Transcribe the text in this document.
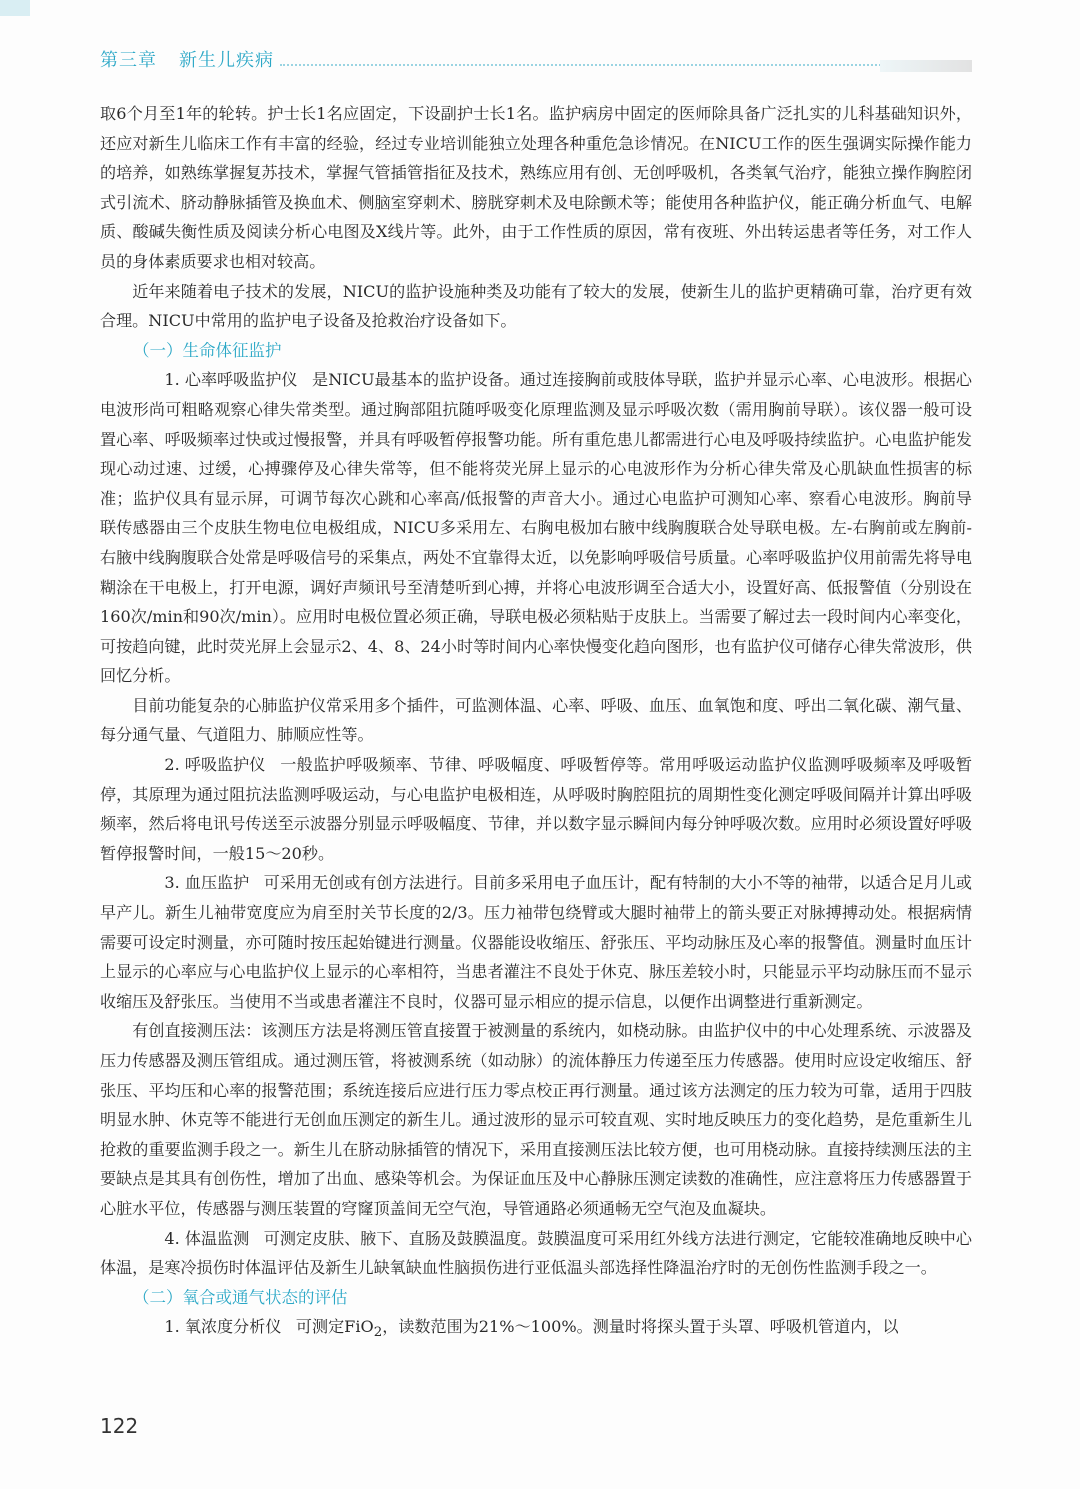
第三章 新生儿疾病

取6个月至1年的轮转。护士长1名应固定，下设副护士长1名。监护病房中固定的医师除具备广泛扎实的儿科基础知识外，还应对新生儿临床工作有丰富的经验，经过专业培训能独立处理各种重危急诊情况。在NICU工作的医生强调实际操作能力的培养，如熟练掌握复苏技术，掌握气管插管指征及技术，熟练应用有创、无创呼吸机，各类氧气治疗，能独立操作胸腔闭式引流术、脐动静脉插管及换血术、侧脑室穿刺术、膀胱穿刺术及电除颤术等；能使用各种监护仪，能正确分析血气、电解质、酸碱失衡性质及阅读分析心电图及X线片等。此外，由于工作性质的原因，常有夜班、外出转运患者等任务，对工作人员的身体素质要求也相对较高。

近年来随着电子技术的发展，NICU的监护设施种类及功能有了较大的发展，使新生儿的监护更精确可靠，治疗更有效合理。NICU中常用的监护电子设备及抢救治疗设备如下。

（一）生命体征监护

1. 心率呼吸监护仪 是NICU最基本的监护设备。通过连接胸前或肢体导联，监护并显示心率、心电波形。根据心电波形尚可粗略观察心律失常类型。通过胸部阻抗随呼吸变化原理监测及显示呼吸次数（需用胸前导联）。该仪器一般可设置心率、呼吸频率过快或过慢报警，并具有呼吸暂停报警功能。所有重危患儿都需进行心电及呼吸持续监护。心电监护能发现心动过速、过缓，心搏骤停及心律失常等，但不能将荧光屏上显示的心电波形作为分析心律失常及心肌缺血性损害的标准；监护仪具有显示屏，可调节每次心跳和心率高/低报警的声音大小。通过心电监护可测知心率、察看心电波形。胸前导联传感器由三个皮肤生物电位电极组成，NICU多采用左、右胸电极加右腋中线胸腹联合处导联电极。左-右胸前或左胸前-右腋中线胸腹联合处常是呼吸信号的采集点，两处不宜靠得太近，以免影响呼吸信号质量。心率呼吸监护仪用前需先将导电糊涂在干电极上，打开电源，调好声频讯号至清楚听到心搏，并将心电波形调至合适大小，设置好高、低报警值（分别设在160次/min和90次/min）。应用时电极位置必须正确，导联电极必须粘贴于皮肤上。当需要了解过去一段时间内心率变化，可按趋向键，此时荧光屏上会显示2、4、8、24小时等时间内心率快慢变化趋向图形，也有监护仪可储存心律失常波形，供回忆分析。

目前功能复杂的心肺监护仪常采用多个插件，可监测体温、心率、呼吸、血压、血氧饱和度、呼出二氧化碳、潮气量、每分通气量、气道阻力、肺顺应性等。

2. 呼吸监护仪 一般监护呼吸频率、节律、呼吸幅度、呼吸暂停等。常用呼吸运动监护仪监测呼吸频率及呼吸暂停，其原理为通过阻抗法监测呼吸运动，与心电监护电极相连，从呼吸时胸腔阻抗的周期性变化测定呼吸间隔并计算出呼吸频率，然后将电讯号传送至示波器分别显示呼吸幅度、节律，并以数字显示瞬间内每分钟呼吸次数。应用时必须设置好呼吸暂停报警时间，一般15～20秒。

3. 血压监护 可采用无创或有创方法进行。目前多采用电子血压计，配有特制的大小不等的袖带，以适合足月儿或早产儿。新生儿袖带宽度应为肩至肘关节长度的2/3。压力袖带包绕臂或大腿时袖带上的箭头要正对脉搏搏动处。根据病情需要可设定时测量，亦可随时按压起始键进行测量。仪器能设收缩压、舒张压、平均动脉压及心率的报警值。测量时血压计上显示的心率应与心电监护仪上显示的心率相符，当患者灌注不良处于休克、脉压差较小时，只能显示平均动脉压而不显示收缩压及舒张压。当使用不当或患者灌注不良时，仪器可显示相应的提示信息，以便作出调整进行重新测定。

有创直接测压法：该测压方法是将测压管直接置于被测量的系统内，如桡动脉。由监护仪中的中心处理系统、示波器及压力传感器及测压管组成。通过测压管，将被测系统（如动脉）的流体静压力传递至压力传感器。使用时应设定收缩压、舒张压、平均压和心率的报警范围；系统连接后应进行压力零点校正再行测量。通过该方法测定的压力较为可靠，适用于四肢明显水肿、休克等不能进行无创血压测定的新生儿。通过波形的显示可较直观、实时地反映压力的变化趋势，是危重新生儿抢救的重要监测手段之一。新生儿在脐动脉插管的情况下，采用直接测压法比较方便，也可用桡动脉。直接持续测压法的主要缺点是其具有创伤性，增加了出血、感染等机会。为保证血压及中心静脉压测定读数的准确性，应注意将压力传感器置于心脏水平位，传感器与测压装置的穹窿顶盖间无空气泡，导管通路必须通畅无空气泡及血凝块。

4. 体温监测 可测定皮肤、腋下、直肠及鼓膜温度。鼓膜温度可采用红外线方法进行测定，它能较准确地反映中心体温，是寒冷损伤时体温评估及新生儿缺氧缺血性脑损伤进行亚低温头部选择性降温治疗时的无创伤性监测手段之一。

（二）氧合或通气状态的评估

1. 氧浓度分析仪 可测定FiO$_2$，读数范围为21%～100%。测量时将探头置于头罩、呼吸机管道内，以

122
